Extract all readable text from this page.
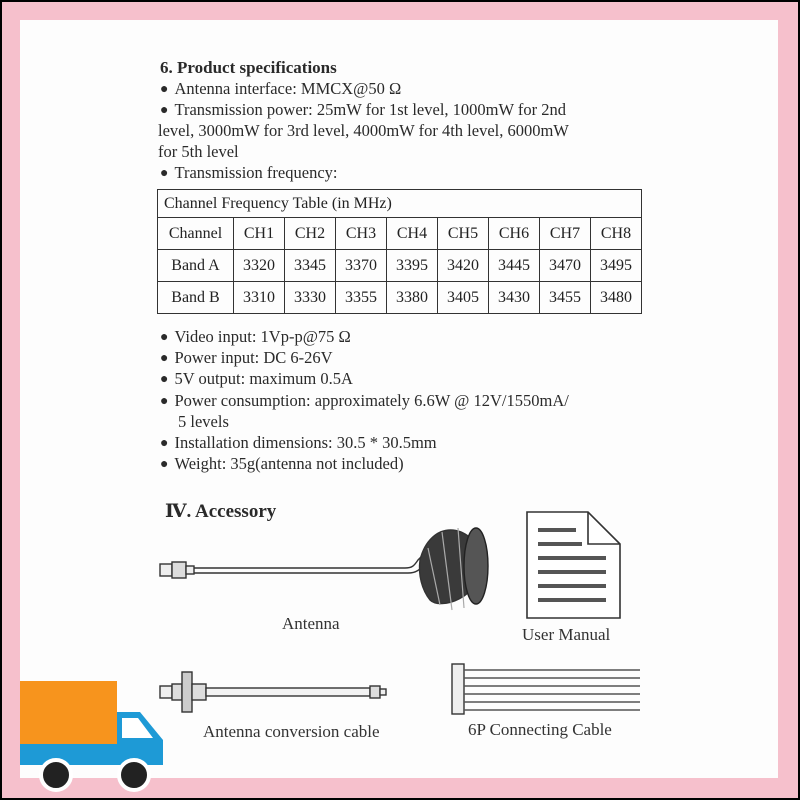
6. Product specifications
● Antenna interface: MMCX@50 Ω
● Transmission power: 25mW for 1st level, 1000mW for 2nd
level, 3000mW for 3rd level, 4000mW for 4th level, 6000mW
for 5th level
● Transmission frequency:
Channel Frequency Table (in MHz)								
Channel	CH1	CH2	CH3	CH4	CH5	CH6	CH7	CH8
Band A	3320	3345	3370	3395	3420	3445	3470	3495
Band B	3310	3330	3355	3380	3405	3430	3455	3480
● Video input: 1Vp-p@75 Ω
● Power input: DC 6-26V
● 5V output: maximum 0.5A
● Power consumption: approximately 6.6W @ 12V/1550mA/
5 levels
● Installation dimensions: 30.5 * 30.5mm
● Weight: 35g(antenna not included)
Ⅳ. Accessory
Antenna
User Manual
Antenna conversion cable	6P Connecting Cable
